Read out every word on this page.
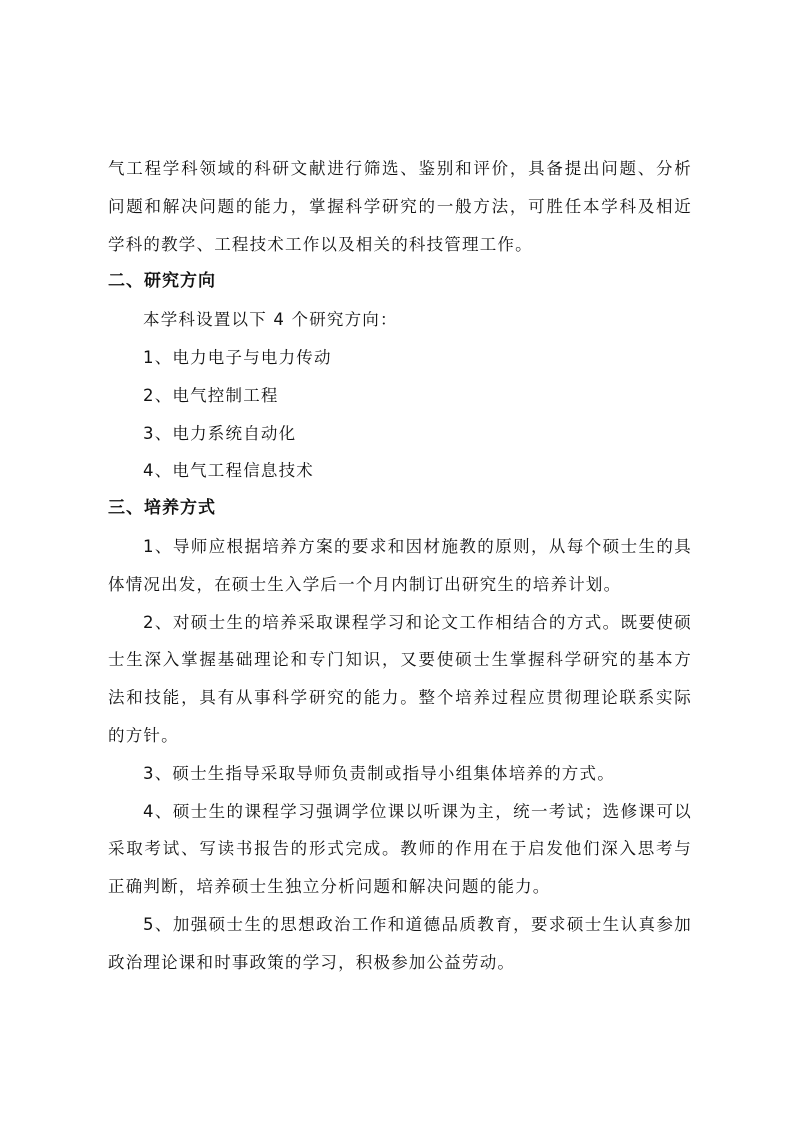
气工程学科领域的科研文献进行筛选、鉴别和评价，具备提出问题、分析问题和解决问题的能力，掌握科学研究的一般方法，可胜任本学科及相近学科的教学、工程技术工作以及相关的科技管理工作。

二、研究方向

本学科设置以下 4 个研究方向：

1、电力电子与电力传动

2、电气控制工程

3、电力系统自动化

4、电气工程信息技术

三、培养方式

1、导师应根据培养方案的要求和因材施教的原则，从每个硕士生的具体情况出发，在硕士生入学后一个月内制订出研究生的培养计划。

2、对硕士生的培养采取课程学习和论文工作相结合的方式。既要使硕士生深入掌握基础理论和专门知识，又要使硕士生掌握科学研究的基本方法和技能，具有从事科学研究的能力。整个培养过程应贯彻理论联系实际的方针。

3、硕士生指导采取导师负责制或指导小组集体培养的方式。

4、硕士生的课程学习强调学位课以听课为主，统一考试；选修课可以采取考试、写读书报告的形式完成。教师的作用在于启发他们深入思考与正确判断，培养硕士生独立分析问题和解决问题的能力。

5、加强硕士生的思想政治工作和道德品质教育，要求硕士生认真参加政治理论课和时事政策的学习，积极参加公益劳动。
